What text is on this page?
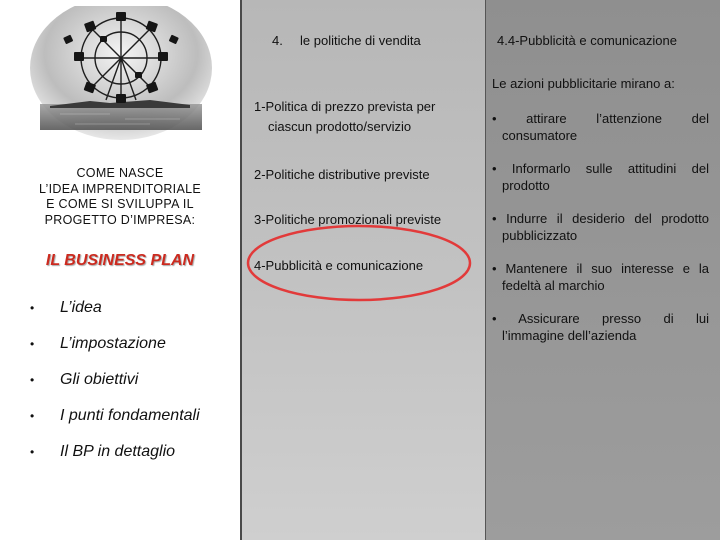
COME NASCE
L’IDEA IMPRENDITORIALE
E COME SI SVILUPPA IL
PROGETTO D’IMPRESA:
IL BUSINESS PLAN
• L’idea
• L’impostazione
• Gli obiettivi
• I punti fondamentali
• Il BP in dettaglio
4. le politiche di vendita
1-Politica di prezzo prevista per
ciascun prodotto/servizio
2-Politiche distributive previste
3-Politiche promozionali previste
4-Pubblicità e comunicazione
4.4-Pubblicità e comunicazione
Le azioni pubblicitarie mirano a:
• attirare l’attenzione del
consumatore
• Informarlo sulle attitudini del
prodotto
• Indurre il desiderio del prodotto
pubblicizzato
• Mantenere il suo interesse e la
fedeltà al marchio
• Assicurare presso di lui
l’immagine dell’azienda
